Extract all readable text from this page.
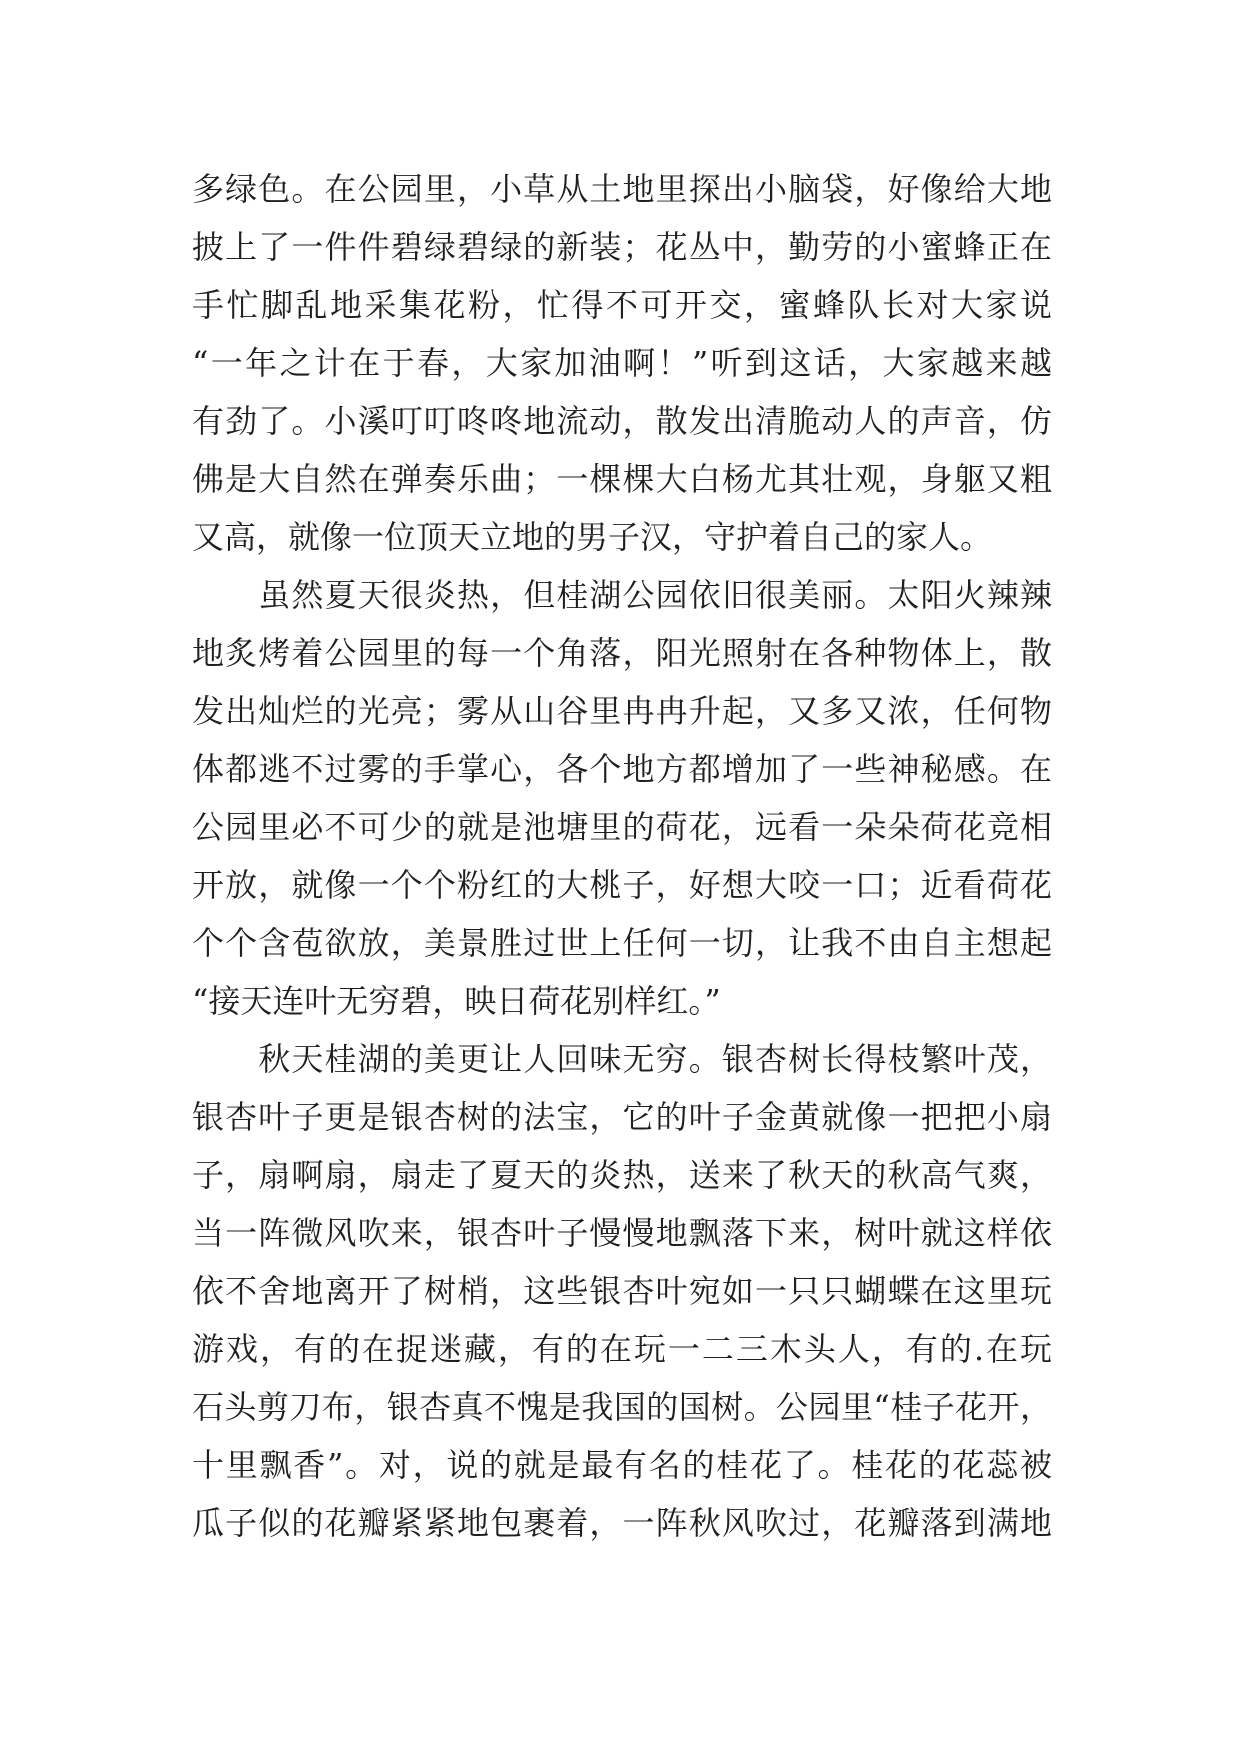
多绿色。在公园里，小草从土地里探出小脑袋，好像给大地
披上了一件件碧绿碧绿的新装；花丛中，勤劳的小蜜蜂正在
手忙脚乱地采集花粉，忙得不可开交，蜜蜂队长对大家说
“一年之计在于春，大家加油啊！”听到这话，大家越来越
有劲了。小溪叮叮咚咚地流动，散发出清脆动人的声音，仿
佛是大自然在弹奏乐曲；一棵棵大白杨尤其壮观，身躯又粗
又高，就像一位顶天立地的男子汉，守护着自己的家人。
　　虽然夏天很炎热，但桂湖公园依旧很美丽。太阳火辣辣
地炙烤着公园里的每一个角落，阳光照射在各种物体上，散
发出灿烂的光亮；雾从山谷里冉冉升起，又多又浓，任何物
体都逃不过雾的手掌心，各个地方都增加了一些神秘感。在
公园里必不可少的就是池塘里的荷花，远看一朵朵荷花竞相
开放，就像一个个粉红的大桃子，好想大咬一口；近看荷花
个个含苞欲放，美景胜过世上任何一切，让我不由自主想起
“接天连叶无穷碧，映日荷花别样红。”
　　秋天桂湖的美更让人回味无穷。银杏树长得枝繁叶茂，
银杏叶子更是银杏树的法宝，它的叶子金黄就像一把把小扇
子，扇啊扇，扇走了夏天的炎热，送来了秋天的秋高气爽，
当一阵微风吹来，银杏叶子慢慢地飘落下来，树叶就这样依
依不舍地离开了树梢，这些银杏叶宛如一只只蝴蝶在这里玩
游戏，有的在捉迷藏，有的在玩一二三木头人，有的.在玩
石头剪刀布，银杏真不愧是我国的国树。公园里“桂子花开，
十里飘香”。对，说的就是最有名的桂花了。桂花的花蕊被
瓜子似的花瓣紧紧地包裹着，一阵秋风吹过，花瓣落到满地
